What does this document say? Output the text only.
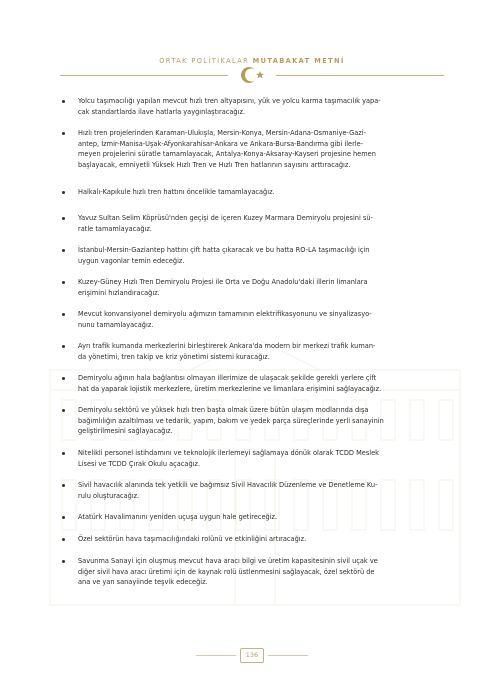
ORTAK POLİTİKALAR MUTABAKAT METNİ
Yolcu taşımacılığı yapılan mevcut hızlı tren altyapısını, yük ve yolcu karma taşımacılık yapa-
cak standartlarda ilave hatlarla yaygınlaştıracağız.
Hızlı tren projelerinden Karaman-Ulukışla, Mersin-Konya, Mersin-Adana-Osmaniye-Gazi-
antep, İzmir-Manisa-Uşak-Afyonkarahisar-Ankara ve Ankara-Bursa-Bandırma gibi ilerle-
meyen projelerini süratle tamamlayacak, Antalya-Konya-Aksaray-Kayseri projesine hemen
başlayacak, emniyetli Yüksek Hızlı Tren ve Hızlı Tren hatlarının sayısını arttıracağız.
Halkalı-Kapıkule hızlı tren hattını öncelikle tamamlayacağız.
Yavuz Sultan Selim Köprüsü'nden geçişi de içeren Kuzey Marmara Demiryolu projesini sü-
ratle tamamlayacağız.
İstanbul-Mersin-Gaziantep hattını çift hatta çıkaracak ve bu hatta RO-LA taşımacılığı için
uygun vagonlar temin edeceğiz.
Kuzey-Güney Hızlı Tren Demiryolu Projesi ile Orta ve Doğu Anadolu'daki illerin limanlara
erişimini hızlandıracağız.
Mevcut konvansiyonel demiryolu ağımızın tamamının elektrifikasyonunu ve sinyalizasyo-
nunu tamamlayacağız.
Ayrı trafik kumanda merkezlerini birleştirerek Ankara'da modern bir merkezi trafik kuman-
da yönetimi, tren takip ve kriz yönetimi sistemi kuracağız.
Demiryolu ağının hala bağlantısı olmayan illerimize de ulaşacak şekilde gerekli yerlere çift
hat da yaparak lojistik merkezlere, üretim merkezlerine ve limanlara erişimini sağlayacağız.
Demiryolu sektörü ve yüksek hızlı tren başta olmak üzere bütün ulaşım modlarında dışa
bağımlılığın azaltılması ve tedarik, yapım, bakım ve yedek parça süreçlerinde yerli sanayinin
geliştirilmesini sağlayacağız.
Nitelikli personel istihdamını ve teknolojik ilerlemeyi sağlamaya dönük olarak TCDD Meslek
Lisesi ve TCDD Çırak Okulu açacağız.
Sivil havacılık alanında tek yetkili ve bağımsız Sivil Havacılık Düzenleme ve Denetleme Ku-
rulu oluşturacağız.
Atatürk Havalimanını yeniden uçuşa uygun hale getireceğiz.
Özel sektörün hava taşımacılığındaki rolünü ve etkinliğini artıracağız.
Savunma Sanayi için oluşmuş mevcut hava aracı bilgi ve üretim kapasitesinin sivil uçak ve
diğer sivil hava aracı üretimi için de kaynak rolü üstlenmesini sağlayacak, özel sektörü de
ana ve yan sanayiinde teşvik edeceğiz.
136
